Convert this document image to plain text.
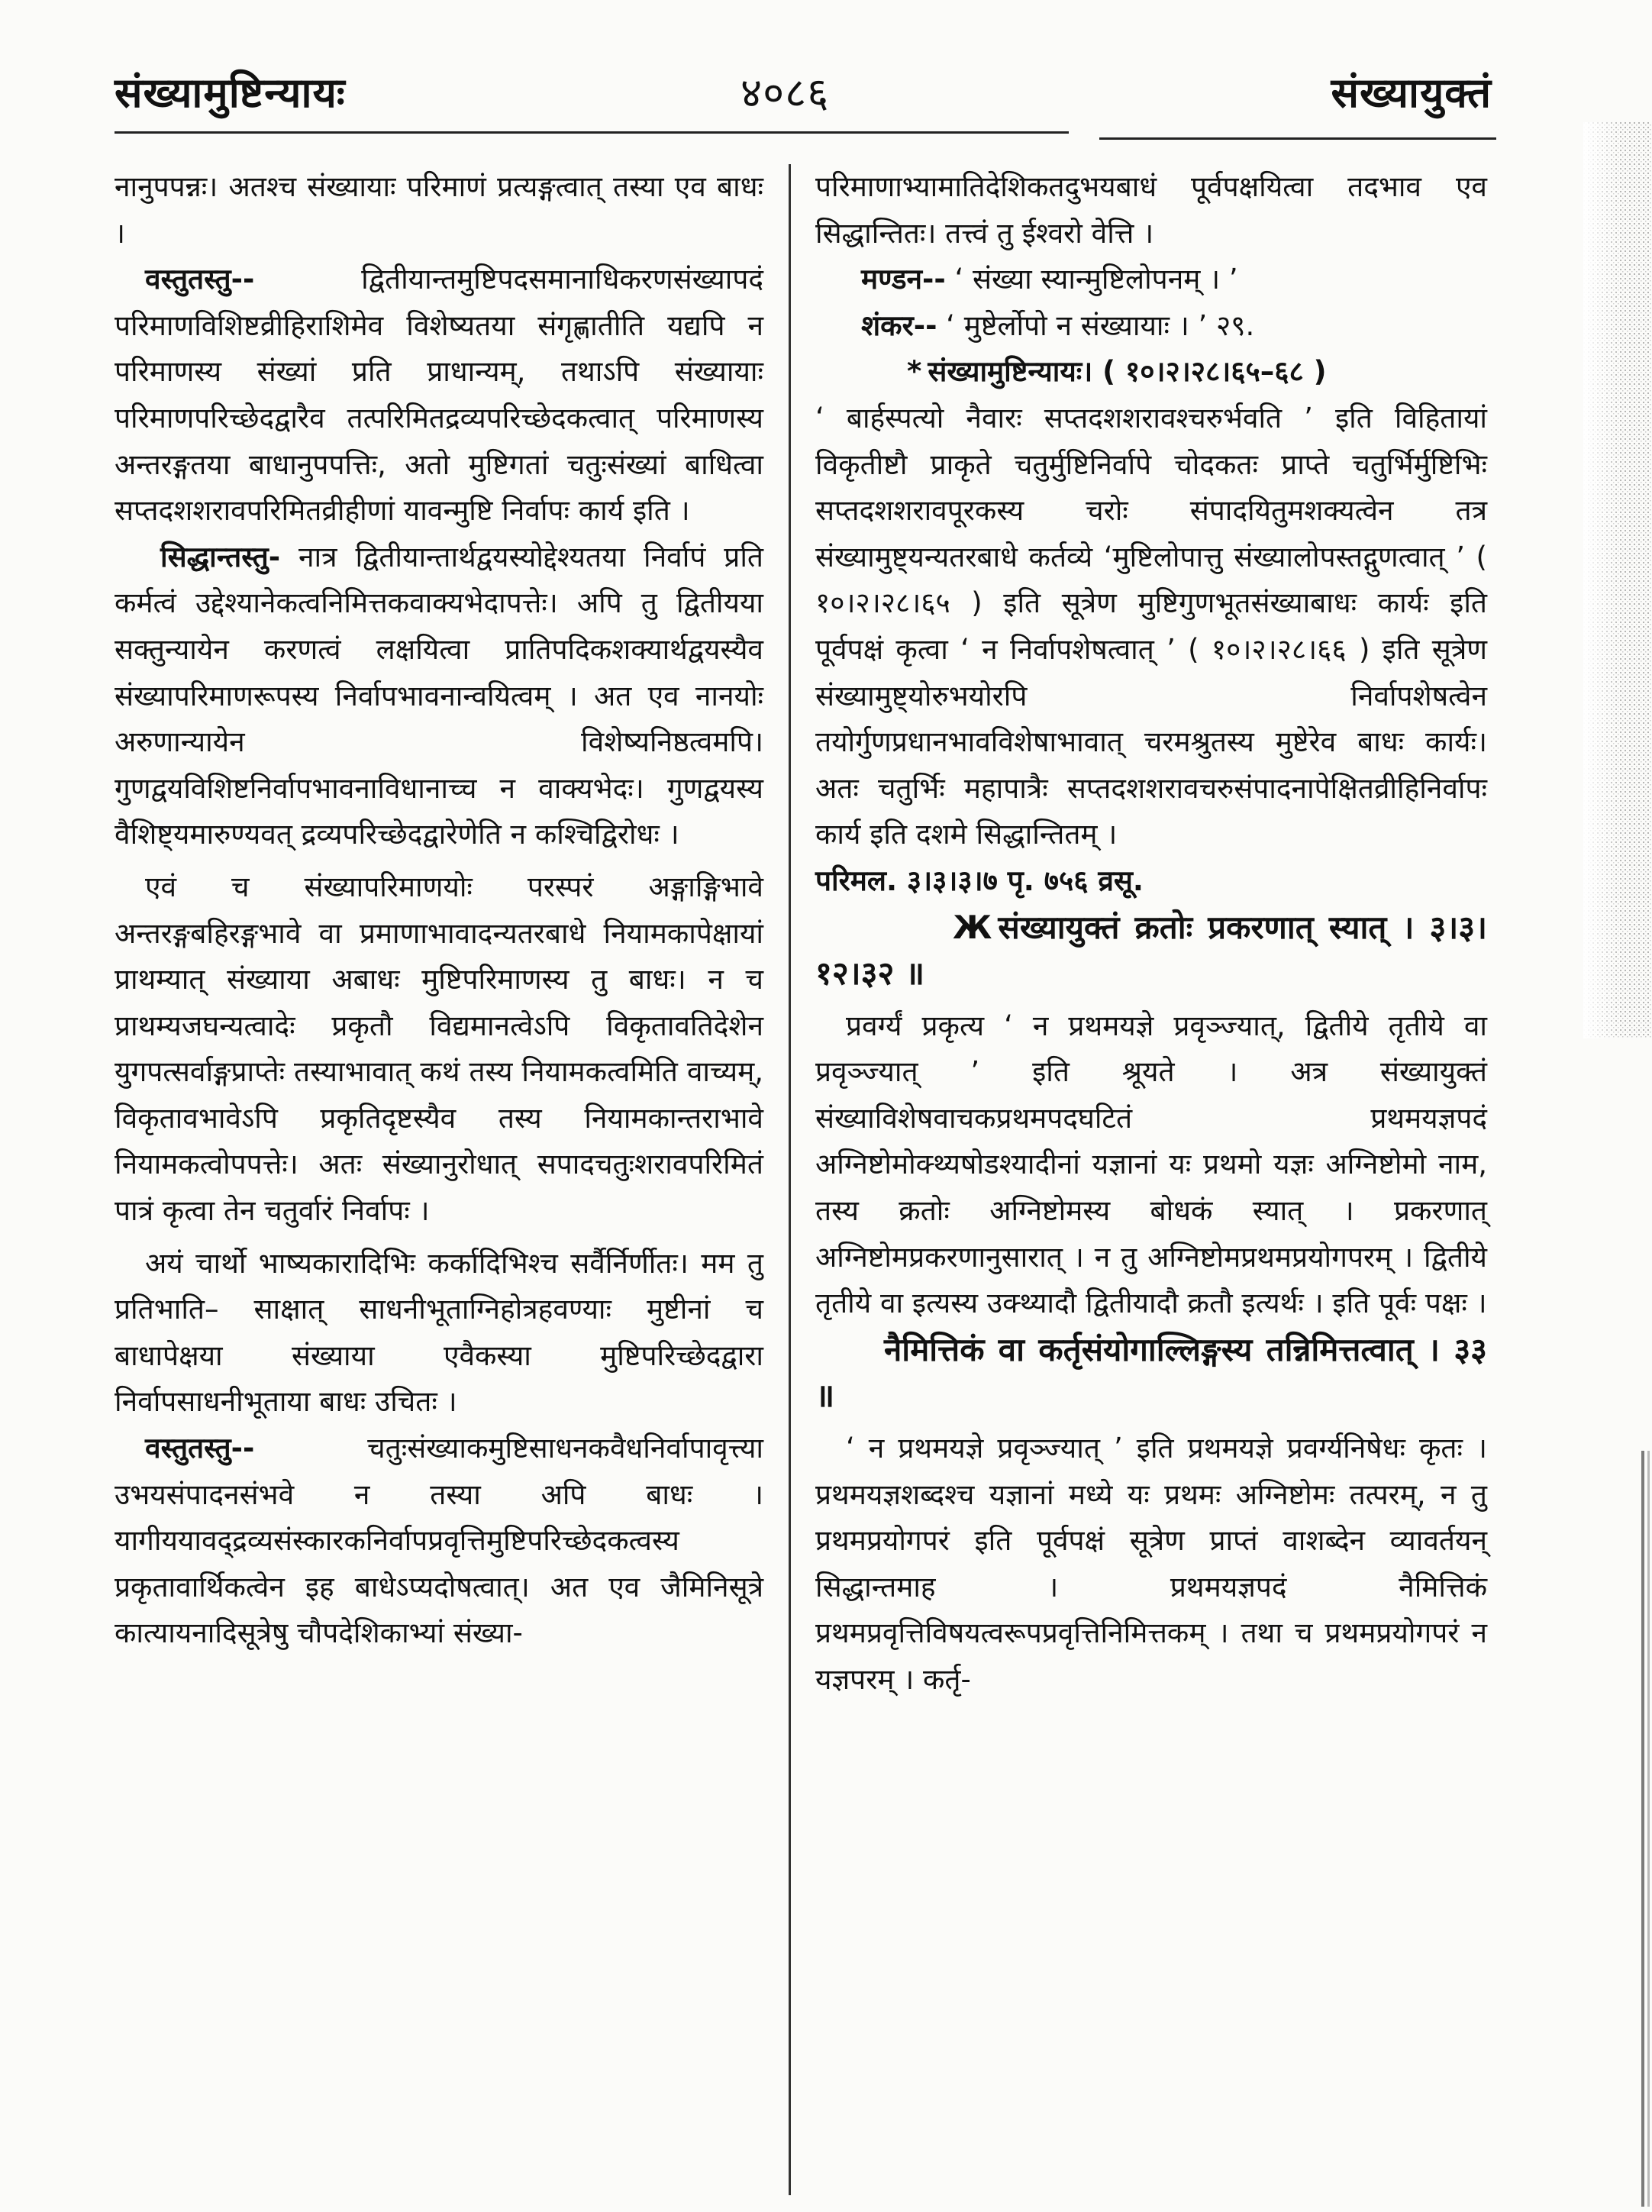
संख्यामुष्टिन्यायः	४०८६	संख्यायुक्तं

नानुपपन्नः। अतश्च संख्यायाः परिमाणं प्रत्यङ्गत्वात् तस्या एव बाधः ।

वस्तुतस्तु-- द्वितीयान्तमुष्टिपदसमानाधिकरणसंख्यापदं परिमाणविशिष्टव्रीहिराशिमेव विशेष्यतया संगृह्णातीति यद्यपि न परिमाणस्य संख्यां प्रति प्राधान्यम्, तथाऽपि संख्यायाः परिमाणपरिच्छेदद्वारैव तत्परिमितद्रव्यपरिच्छेदकत्वात् परिमाणस्य अन्तरङ्गतया बाधानुपपत्तिः, अतो मुष्टिगतां चतुःसंख्यां बाधित्वा सप्तदशशरावपरिमितव्रीहीणां यावन्मुष्टि निर्वापः कार्य इति ।

सिद्धान्तस्तु- नात्र द्वितीयान्तार्थद्वयस्योद्देश्यतया निर्वापं प्रति कर्मत्वं उद्देश्यानेकत्वनिमित्तकवाक्यभेदापत्तेः। अपि तु द्वितीयया सक्तुन्यायेन करणत्वं लक्षयित्वा प्रातिपदिकशक्यार्थद्वयस्यैव संख्यापरिमाणरूपस्य निर्वापभावनान्वयित्वम् । अत एव नानयोः अरुणान्यायेन विशेष्यनिष्ठत्वमपि। गुणद्वयविशिष्टनिर्वापभावनाविधानाच्च न वाक्यभेदः। गुणद्वयस्य वैशिष्ट्यमारुण्यवत् द्रव्यपरिच्छेदद्वारेणेति न कश्चिद्विरोधः ।

एवं च संख्यापरिमाणयोः परस्परं अङ्गाङ्गिभावे अन्तरङ्गबहिरङ्गभावे वा प्रमाणाभावादन्यतरबाधे नियामकापेक्षायां प्राथम्यात् संख्याया अबाधः मुष्टिपरिमाणस्य तु बाधः। न च प्राथम्यजघन्यत्वादेः प्रकृतौ विद्यमानत्वेऽपि विकृतावतिदेशेन युगपत्सर्वाङ्गप्राप्तेः तस्याभावात् कथं तस्य नियामकत्वमिति वाच्यम्, विकृतावभावेऽपि प्रकृतिदृष्टस्यैव तस्य नियामकान्तराभावे नियामकत्वोपपत्तेः। अतः संख्यानुरोधात् सपादचतुःशरावपरिमितं पात्रं कृत्वा तेन चतुर्वारं निर्वापः ।

अयं चार्थो भाष्यकारादिभिः कर्कादिभिश्च सर्वैर्निर्णीतः। मम तु प्रतिभाति– साक्षात् साधनीभूताग्निहोत्रहवण्याः मुष्टीनां च बाधापेक्षया संख्याया एवैकस्या मुष्टिपरिच्छेदद्वारा निर्वापसाधनीभूताया बाधः उचितः ।

वस्तुतस्तु-- चतुःसंख्याकमुष्टिसाधनकवैधनिर्वापावृत्त्या उभयसंपादनसंभवे न तस्या अपि बाधः । यागीययावद्द्रव्यसंस्कारकनिर्वापप्रवृत्तिमुष्टिपरिच्छेदकत्वस्य प्रकृतावार्थिकत्वेन इह बाधेऽप्यदोषत्वात्। अत एव जैमिनिसूत्रे कात्यायनादिसूत्रेषु चौपदेशिकाभ्यां संख्या-

परिमाणाभ्यामातिदेशिकतदुभयबाधं पूर्वपक्षयित्वा तदभाव एव सिद्धान्तितः। तत्त्वं तु ईश्वरो वेत्ति ।

मण्डन-- ‘ संख्या स्यान्मुष्टिलोपनम् । ’

शंकर-- ‘ मुष्टेर्लोपो न संख्यायाः । ’ २९.

* संख्यामुष्टिन्यायः। ( १०।२।२८।६५–६८ )

‘ बार्हस्पत्यो नैवारः सप्तदशशरावश्चरुर्भवति ’ इति विहितायां विकृतीष्टौ प्राकृते चतुर्मुष्टिनिर्वापे चोदकतः प्राप्ते चतुर्भिर्मुष्टिभिः सप्तदशशरावपूरकस्य चरोः संपादयितुमशक्यत्वेन तत्र संख्यामुष्ट्यन्यतरबाधे कर्तव्ये ‘मुष्टिलोपात्तु संख्यालोपस्तद्गुणत्वात् ’ ( १०।२।२८।६५ ) इति सूत्रेण मुष्टिगुणभूतसंख्याबाधः कार्यः इति पूर्वपक्षं कृत्वा ‘ न निर्वापशेषत्वात् ’ ( १०।२।२८।६६ ) इति सूत्रेण संख्यामुष्ट्योरुभयोरपि निर्वापशेषत्वेन तयोर्गुणप्रधानभावविशेषाभावात् चरमश्रुतस्य मुष्टेरेव बाधः कार्यः। अतः चतुर्भिः महापात्रैः सप्तदशशरावचरुसंपादनापेक्षितव्रीहिनिर्वापः कार्य इति दशमे सिद्धान्तितम् ।

परिमल. ३।३।३।७ पृ. ७५६ व्रसू.

Ж संख्यायुक्तं क्रतोः प्रकरणात् स्यात् । ३।३। १२।३२ ॥

प्रवर्ग्यं प्रकृत्य ‘ न प्रथमयज्ञे प्रवृञ्ज्यात्, द्वितीये तृतीये वा प्रवृञ्ज्यात् ’ इति श्रूयते । अत्र संख्यायुक्तं संख्याविशेषवाचकप्रथमपदघटितं प्रथमयज्ञपदं अग्निष्टोमोक्थ्यषोडश्यादीनां यज्ञानां यः प्रथमो यज्ञः अग्निष्टोमो नाम, तस्य क्रतोः अग्निष्टोमस्य बोधकं स्यात् । प्रकरणात् अग्निष्टोमप्रकरणानुसारात् । न तु अग्निष्टोमप्रथमप्रयोगपरम् । द्वितीये तृतीये वा इत्यस्य उक्थ्यादौ द्वितीयादौ क्रतौ इत्यर्थः । इति पूर्वः पक्षः ।

नैमित्तिकं वा कर्तृसंयोगाल्लिङ्गस्य तन्निमित्तत्वात् । ३३ ॥

‘ न प्रथमयज्ञे प्रवृञ्ज्यात् ’ इति प्रथमयज्ञे प्रवर्ग्यनिषेधः कृतः । प्रथमयज्ञशब्दश्च यज्ञानां मध्ये यः प्रथमः अग्निष्टोमः तत्परम्, न तु प्रथमप्रयोगपरं इति पूर्वपक्षं सूत्रेण प्राप्तं वाशब्देन व्यावर्तयन् सिद्धान्तमाह । प्रथमयज्ञपदं नैमित्तिकं प्रथमप्रवृत्तिविषयत्वरूपप्रवृत्तिनिमित्तकम् । तथा च प्रथमप्रयोगपरं न यज्ञपरम् । कर्तृ-
